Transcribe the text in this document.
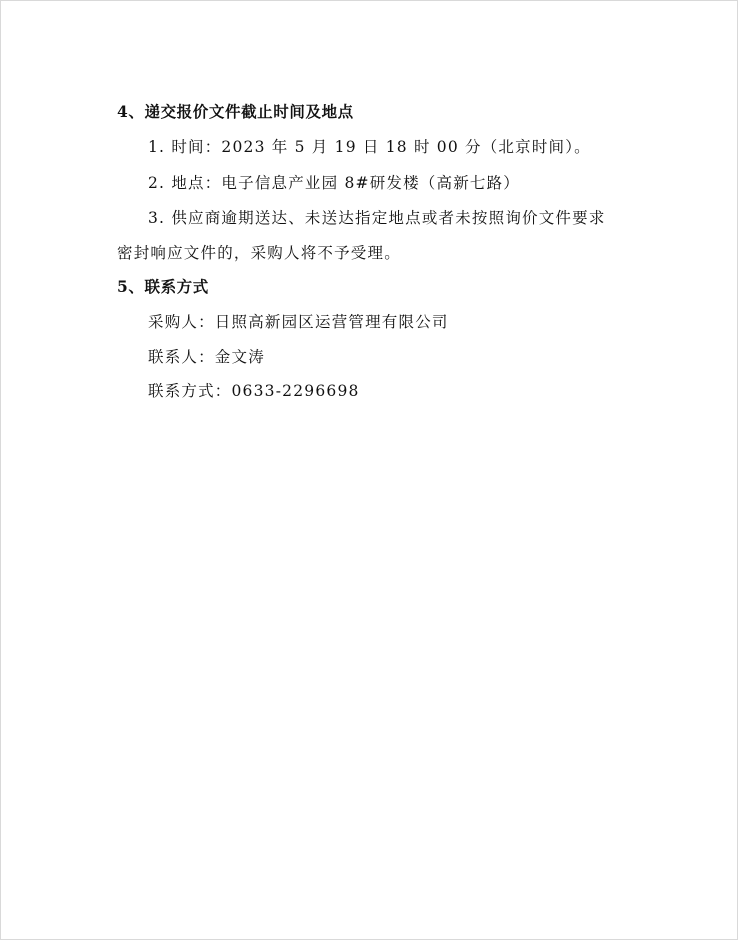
4、递交报价文件截止时间及地点
1. 时间：2023 年 5 月 19 日 18 时 00 分（北京时间）。
2. 地点：电子信息产业园 8#研发楼（高新七路）
3. 供应商逾期送达、未送达指定地点或者未按照询价文件要求
密封响应文件的，采购人将不予受理。
5、联系方式
采购人：日照高新园区运营管理有限公司
联系人：金文涛
联系方式：0633-2296698
